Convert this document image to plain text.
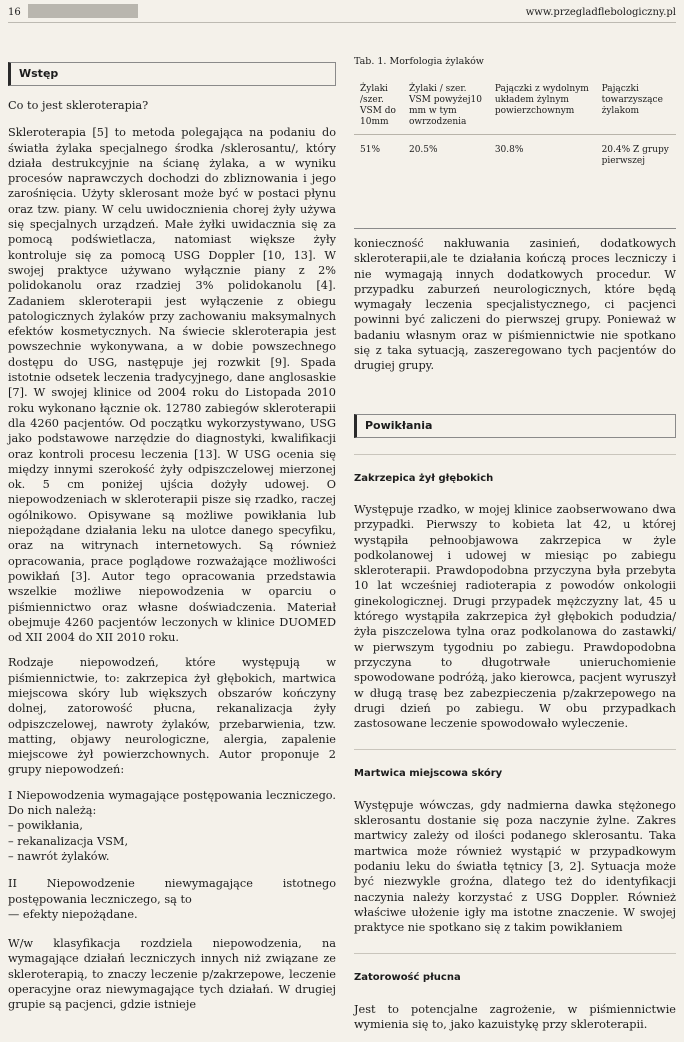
16	www.przegladflebologiczny.pl
Wstęp

Co to jest skleroterapia?

Skleroterapia [5] to metoda polegająca na podaniu do światła żylaka specjalnego środka /sklerosantu/, który działa destrukcyjnie na ścianę żylaka, a w wyniku procesów naprawczych dochodzi do zbliznowania i jego zarośnięcia. Użyty sklerosant może być w postaci płynu oraz tzw. piany. W celu uwidocznienia chorej żyły używa się specjalnych urządzeń. Małe żyłki uwidacznia się za pomocą podświetlacza, natomiast większe żyły kontroluje się za pomocą USG Doppler [10, 13]. W swojej praktyce używano wyłącznie piany z 2% polidokanolu oraz rzadziej 3% polidokanolu [4]. Zadaniem skleroterapii jest wyłączenie z obiegu patologicznych żylaków przy zachowaniu maksymalnych efektów kosmetycznych. Na świecie skleroterapia jest powszechnie wykonywana, a w dobie powszechnego dostępu do USG, następuje jej rozwkit [9]. Spada istotnie odsetek leczenia tradycyjnego, dane anglosaskie [7]. W swojej klinice od 2004 roku do Listopada 2010 roku wykonano łącznie ok. 12780 zabiegów skleroterapii dla 4260 pacjentów. Od początku wykorzystywano, USG jako podstawowe narzędzie do diagnostyki, kwalifikacji oraz kontroli procesu leczenia [13]. W USG ocenia się między innymi szerokość żyły odpiszczelowej mierzonej ok. 5 cm poniżej ujścia dożyły udowej. O niepowodzeniach w skleroterapii pisze się rzadko, raczej ogólnikowo. Opisywane są możliwe powikłania lub niepożądane działania leku na ulotce danego specyfiku, oraz na witrynach internetowych. Są również opracowania, prace poglądowe rozważające możliwości powikłań [3]. Autor tego opracowania przedstawia wszelkie możliwe niepowodzenia w oparciu o piśmiennictwo oraz własne doświadczenia. Materiał obejmuje 4260 pacjentów leczonych w klinice DUOMED od XII 2004 do XII 2010 roku.

Rodzaje niepowodzeń, które występują w piśmiennictwie, to: zakrzepica żył głębokich, martwica miejscowa skóry lub większych obszarów kończyny dolnej, zatorowość płucna, rekanalizacja żyły odpiszczelowej, nawroty żylaków, przebarwienia, tzw. matting, objawy neurologiczne, alergia, zapalenie miejscowe żył powierzchownych. Autor proponuje 2 grupy niepowodzeń:

I Niepowodzenia wymagające postępowania leczniczego. Do nich należą:

– powikłania,
– rekanalizacja VSM,
– nawrót żylaków.

II Niepowodzenie niewymagające istotnego postępowania leczniczego, są to

— efekty niepożądane.

W/w klasyfikacja rozdziela niepowodzenia, na wymagające działań leczniczych innych niż związane ze skleroterapią, to znaczy leczenie p/zakrzepowe, leczenie operacyjne oraz niewymagające tych działań. W drugiej grupie są pacjenci, gdzie istnieje

Tab. 1. Morfologia żylaków
Żylaki /szer. VSM do 10mm	Żylaki / szer. VSM powyżej10 mm w tym owrzodzenia	Pajączki z wydolnym układem żylnym powierzchownym	Pajączki towarzyszące żylakom
51%	20.5%	30.8%	20.4% Z grupy pierwszej

konieczność nakłuwania zasinień, dodatkowych skleroterapii,ale te działania kończą proces leczniczy i nie wymagają innych dodatkowych procedur. W przypadku zaburzeń neurologicznych, które będą wymagały leczenia specjalistycznego, ci pacjenci powinni być zaliczeni do pierwszej grupy. Ponieważ w badaniu własnym oraz w piśmiennictwie nie spotkano się z taka sytuacją, zaszeregowano tych pacjentów do drugiej grupy.

Powikłania
Zakrzepica żył głębokich

Występuje rzadko, w mojej klinice zaobserwowano dwa przypadki. Pierwszy to kobieta lat 42, u której wystąpiła pełnoobjawowa zakrzepica w żyle podkolanowej i udowej w miesiąc po zabiegu skleroterapii. Prawdopodobna przyczyna była przebyta 10 lat wcześniej radioterapia z powodów onkologii ginekologicznej. Drugi przypadek mężczyzny lat, 45 u którego wystąpiła zakrzepica żył głębokich podudzia/żyła piszczelowa tylna oraz podkolanowa do zastawki/ w pierwszym tygodniu po zabiegu. Prawdopodobna przyczyna to długotrwałe unieruchomienie spowodowane podróżą, jako kierowca, pacjent wyruszył w długą trasę bez zabezpieczenia p/zakrzepowego na drugi dzień po zabiegu. W obu przypadkach zastosowane leczenie spowodowało wyleczenie.

Martwica miejscowa skóry

Występuje wówczas, gdy nadmierna dawka stężonego sklerosantu dostanie się poza naczynie żylne. Zakres martwicy zależy od ilości podanego sklerosantu. Taka martwica może również wystąpić w przypadkowym podaniu leku do światła tętnicy [3, 2]. Sytuacja może być niezwykle groźna, dlatego też do identyfikacji naczynia należy korzystać z USG Doppler. Również właściwe ułożenie igły ma istotne znaczenie. W swojej praktyce nie spotkano się z takim powikłaniem

Zatorowość płucna

Jest to potencjalne zagrożenie, w piśmiennictwie wymienia się to, jako kazuistykę przy skleroterapii.
